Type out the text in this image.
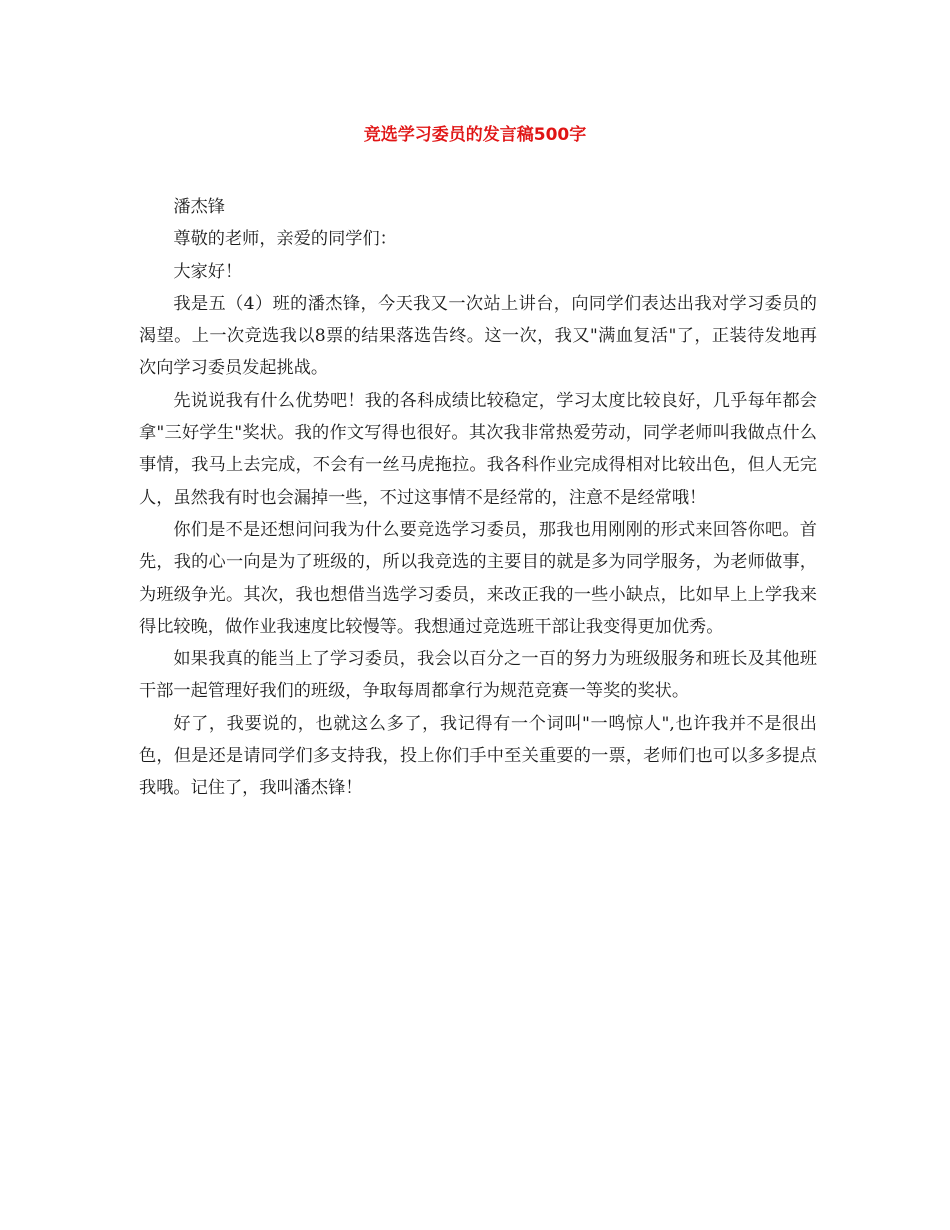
竞选学习委员的发言稿500字

潘杰锋

尊敬的老师，亲爱的同学们：

大家好！

我是五（4）班的潘杰锋，今天我又一次站上讲台，向同学们表达出我对学习委员的渴望。上一次竞选我以8票的结果落选告终。这一次，我又"满血复活"了，正装待发地再次向学习委员发起挑战。

先说说我有什么优势吧！我的各科成绩比较稳定，学习太度比较良好，几乎每年都会拿"三好学生"奖状。我的作文写得也很好。其次我非常热爱劳动，同学老师叫我做点什么事情，我马上去完成，不会有一丝马虎拖拉。我各科作业完成得相对比较出色，但人无完人，虽然我有时也会漏掉一些，不过这事情不是经常的，注意不是经常哦！

你们是不是还想问问我为什么要竞选学习委员，那我也用刚刚的形式来回答你吧。首先，我的心一向是为了班级的，所以我竞选的主要目的就是多为同学服务，为老师做事，为班级争光。其次，我也想借当选学习委员，来改正我的一些小缺点，比如早上上学我来得比较晚，做作业我速度比较慢等。我想通过竞选班干部让我变得更加优秀。

如果我真的能当上了学习委员，我会以百分之一百的努力为班级服务和班长及其他班干部一起管理好我们的班级，争取每周都拿行为规范竞赛一等奖的奖状。

好了，我要说的，也就这么多了，我记得有一个词叫"一鸣惊人",也许我并不是很出色，但是还是请同学们多支持我，投上你们手中至关重要的一票，老师们也可以多多提点我哦。记住了，我叫潘杰锋！
